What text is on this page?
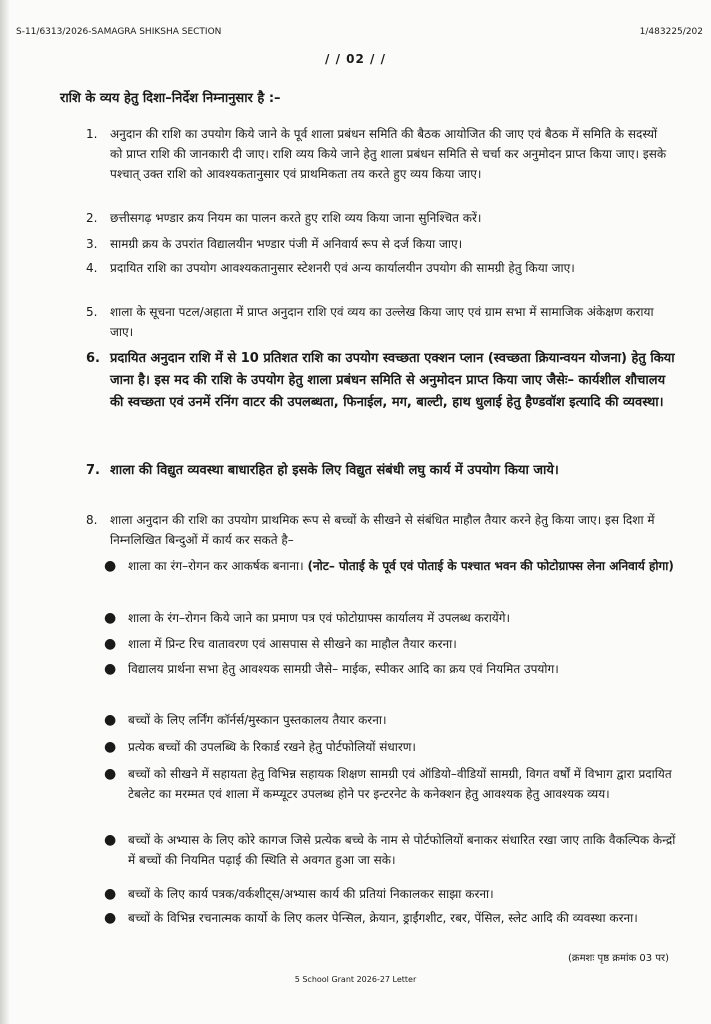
S-11/6313/2026-SAMAGRA SHIKSHA SECTION	1/483225/202
/ / 02 / /
राशि के व्यय हेतु दिशा–निर्देश निम्नानुसार है :–
1. अनुदान की राशि का उपयोग किये जाने के पूर्व शाला प्रबंधन समिति की बैठक आयोजित की जाए एवं बैठक में समिति के सदस्यों को प्राप्त राशि की जानकारी दी जाए। राशि व्यय किये जाने हेतु शाला प्रबंधन समिति से चर्चा कर अनुमोदन प्राप्त किया जाए। इसके पश्चात् उक्त राशि को आवश्यकतानुसार एवं प्राथमिकता तय करते हुए व्यय किया जाए।
2. छत्तीसगढ़ भण्डार क्रय नियम का पालन करते हुए राशि व्यय किया जाना सुनिश्चित करें।
3. सामग्री क्रय के उपरांत विद्यालयीन भण्डार पंजी में अनिवार्य रूप से दर्ज किया जाए।
4. प्रदायित राशि का उपयोग आवश्यकतानुसार स्टेशनरी एवं अन्य कार्यालयीन उपयोग की सामग्री हेतु किया जाए।
5. शाला के सूचना पटल/अहाता में प्राप्त अनुदान राशि एवं व्यय का उल्लेख किया जाए एवं ग्राम सभा में सामाजिक अंकेक्षण कराया जाए।
6. प्रदायित अनुदान राशि में से 10 प्रतिशत राशि का उपयोग स्वच्छता एक्शन प्लान (स्वच्छता क्रियान्वयन योजना) हेतु किया जाना है। इस मद की राशि के उपयोग हेतु शाला प्रबंधन समिति से अनुमोदन प्राप्त किया जाए जैसेः– कार्यशील शौचालय की स्वच्छता एवं उनमें रनिंग वाटर की उपलब्धता, फिनाईल, मग, बाल्टी, हाथ धुलाई हेतु हैण्डवॉश इत्यादि की व्यवस्था।
7. शाला की विद्युत व्यवस्था बाधारहित हो इसके लिए विद्युत संबंधी लघु कार्य में उपयोग किया जाये।
8. शाला अनुदान की राशि का उपयोग प्राथमिक रूप से बच्चों के सीखने से संबंधित माहौल तैयार करने हेतु किया जाए। इस दिशा में निम्नलिखित बिन्दुओं में कार्य कर सकते है–
● शाला का रंग–रोगन कर आकर्षक बनाना। (नोट– पोताई के पूर्व एवं पोताई के पश्चात भवन की फोटोग्राफ्स लेना अनिवार्य होगा)
● शाला के रंग–रोगन किये जाने का प्रमाण पत्र एवं फोटोग्राफ्स कार्यालय में उपलब्ध करायेंगे।
● शाला में प्रिन्ट रिच वातावरण एवं आसपास से सीखने का माहौल तैयार करना।
● विद्यालय प्रार्थना सभा हेतु आवश्यक सामग्री जैसे– माईक, स्पीकर आदि का क्रय एवं नियमित उपयोग।
● बच्चों के लिए लर्निंग कॉर्नर्स/मुस्कान पुस्तकालय तैयार करना।
● प्रत्येक बच्चों की उपलब्धि के रिकार्ड रखने हेतु पोर्टफोलियों संधारण।
● बच्चों को सीखने में सहायता हेतु विभिन्न सहायक शिक्षण सामग्री एवं ऑडियो–वीडियों सामग्री, विगत वर्षों में विभाग द्वारा प्रदायित टेबलेट का मरम्मत एवं शाला में कम्प्यूटर उपलब्ध होने पर इन्टरनेट के कनेक्शन हेतु आवश्यक हेतु आवश्यक व्यय।
● बच्चों के अभ्यास के लिए कोरे कागज जिसे प्रत्येक बच्चे के नाम से पोर्टफोलियों बनाकर संधारित रखा जाए ताकि वैकल्पिक केन्द्रों में बच्चों की नियमित पढ़ाई की स्थिति से अवगत हुआ जा सके।
● बच्चों के लिए कार्य पत्रक/वर्कशीट्स/अभ्यास कार्य की प्रतियां निकालकर साझा करना।
● बच्चों के विभिन्न रचनात्मक कार्यो के लिए कलर पेन्सिल, क्रेयान, ड्राईंगशीट, रबर, पेंसिल, स्लेट आदि की व्यवस्था करना।
(क्रमशः पृष्ठ क्रमांक 03 पर)
5 School Grant 2026-27 Letter
